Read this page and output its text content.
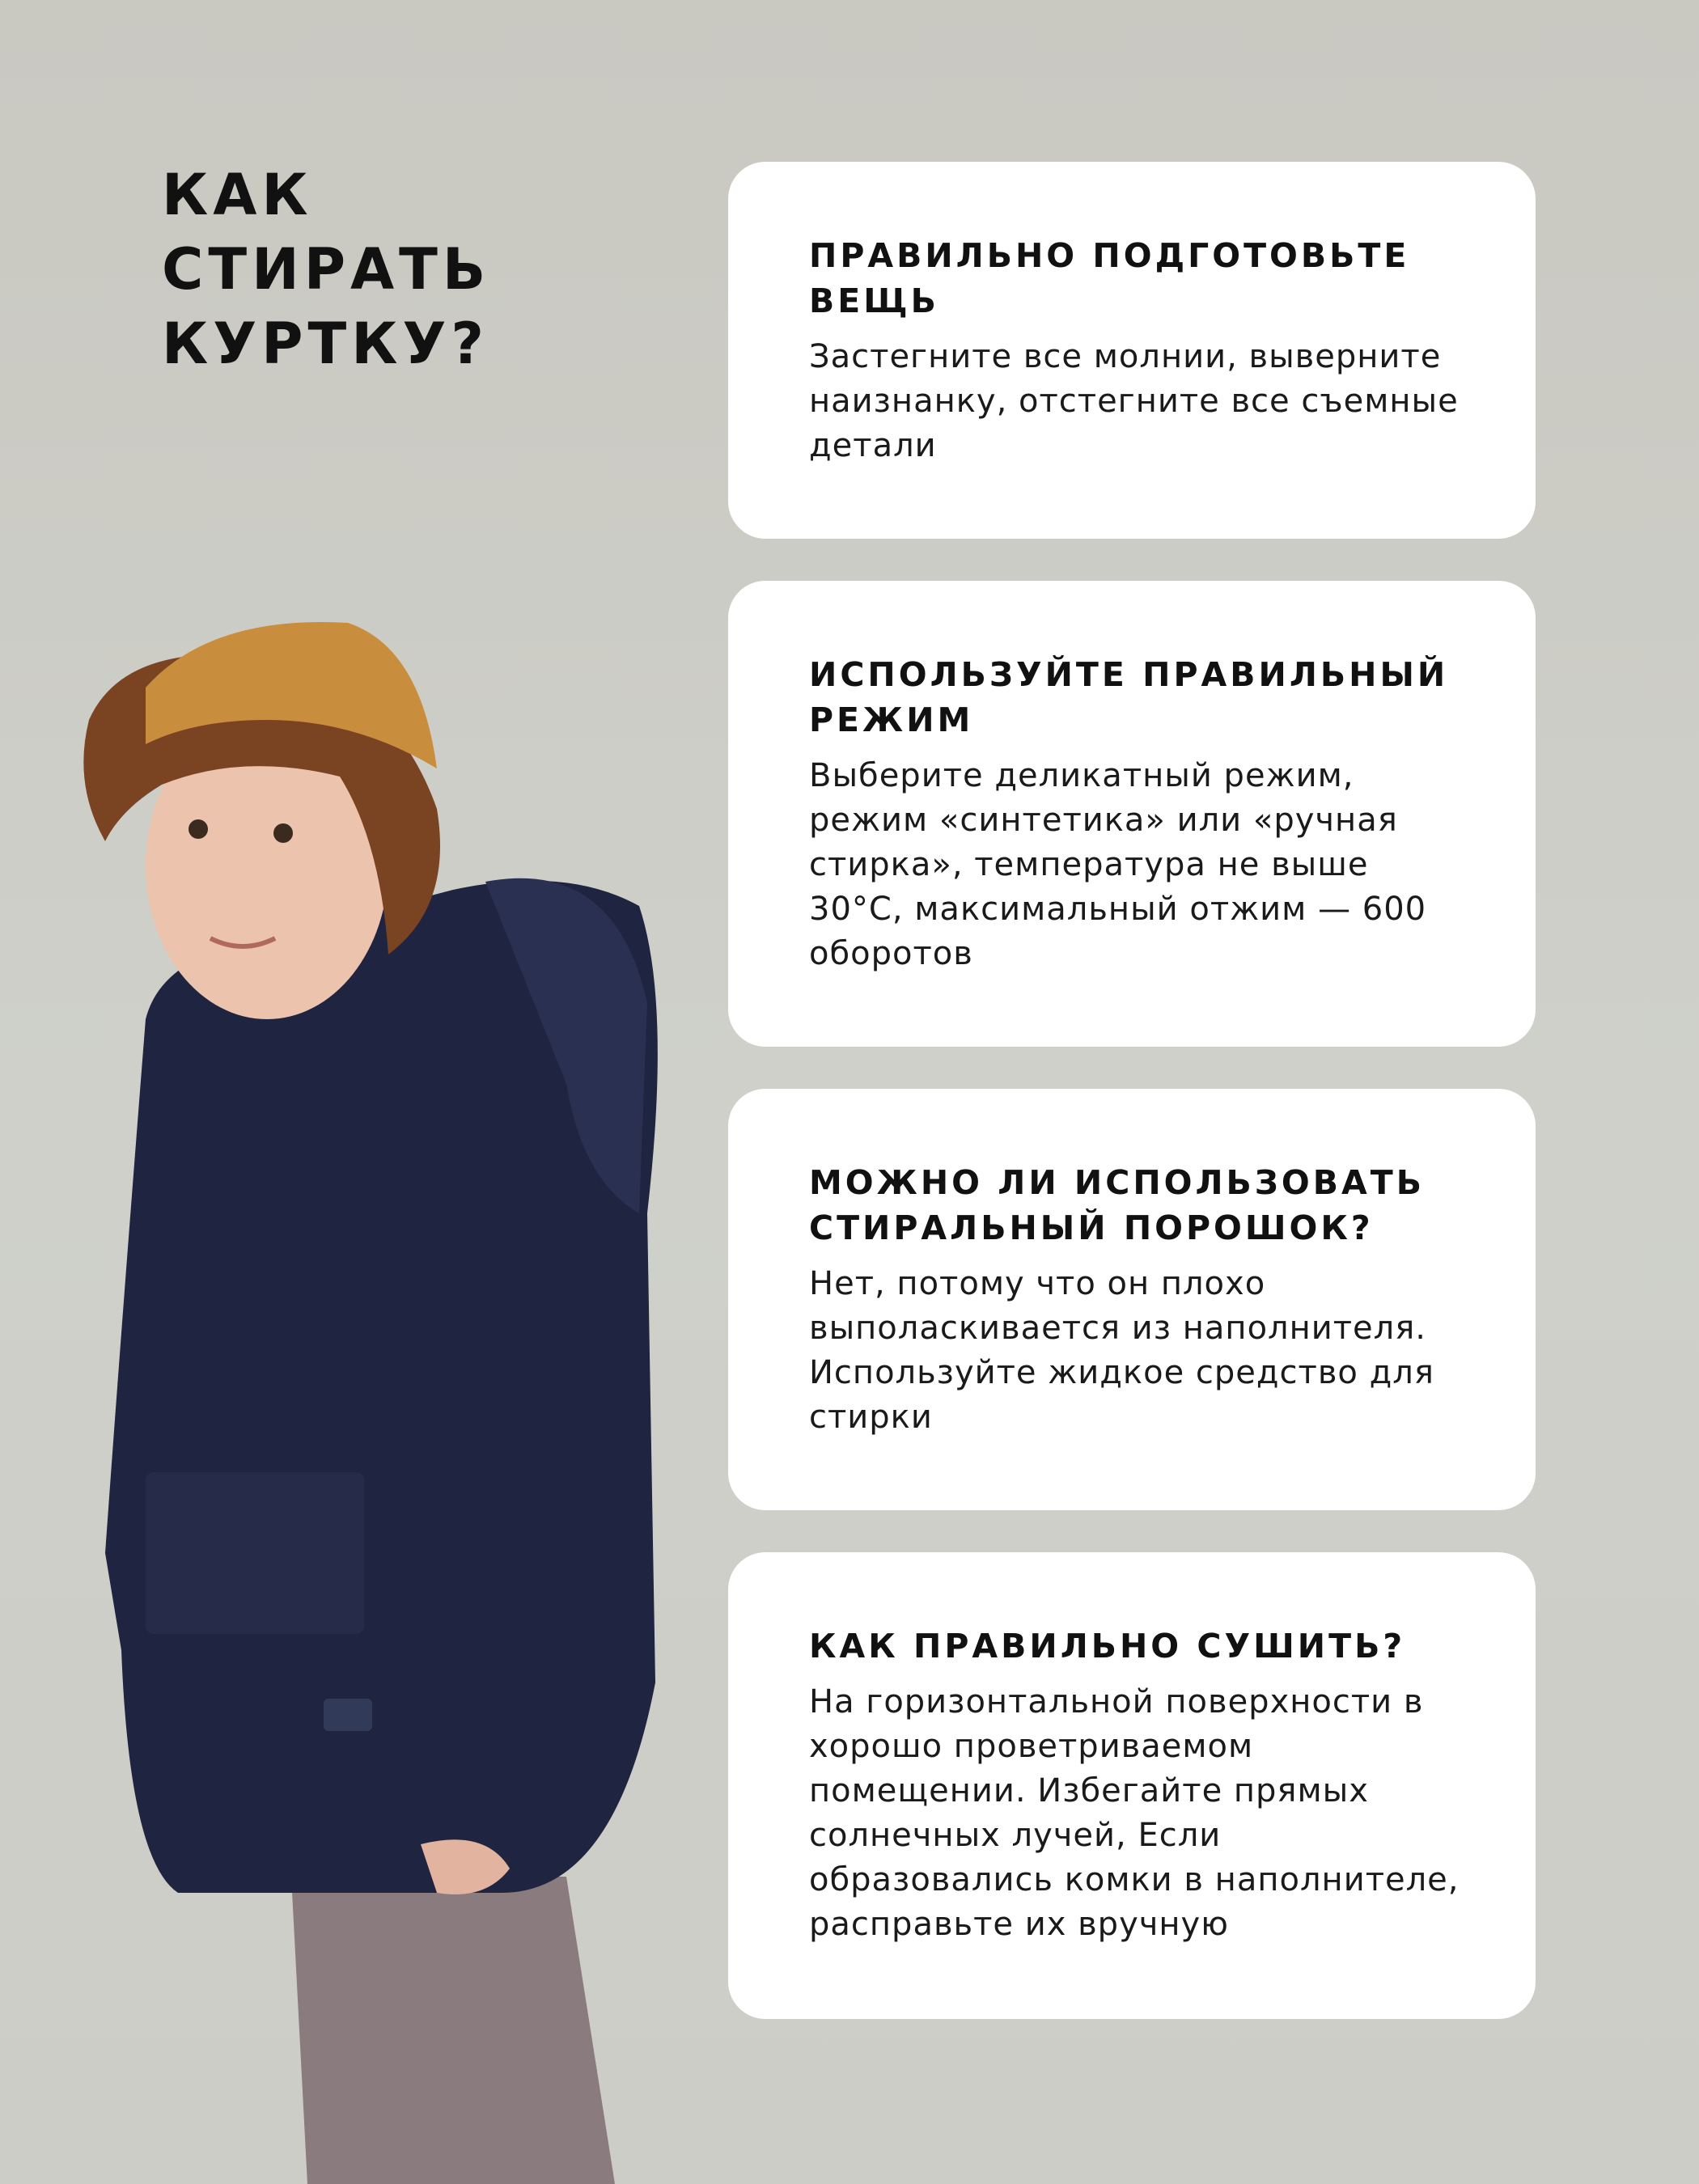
КАК СТИРАТЬ КУРТКУ?
ПРАВИЛЬНО ПОДГОТОВЬТЕ ВЕЩЬ

Застегните все молнии, выверните наизнанку, отстегните все съемные детали

ИСПОЛЬЗУЙТЕ ПРАВИЛЬНЫЙ РЕЖИМ

Выберите деликатный режим, режим «синтетика» или «ручная стирка», температура не выше 30°C, максимальный отжим — 600 оборотов

МОЖНО ЛИ ИСПОЛЬЗОВАТЬ СТИРАЛЬНЫЙ ПОРОШОК?

Нет, потому что он плохо выполаскивается из наполнителя. Используйте жидкое средство для стирки

КАК ПРАВИЛЬНО СУШИТЬ?

На горизонтальной поверхности в хорошо проветриваемом помещении. Избегайте прямых солнечных лучей, Если образовались комки в наполнителе, расправьте их вручную
